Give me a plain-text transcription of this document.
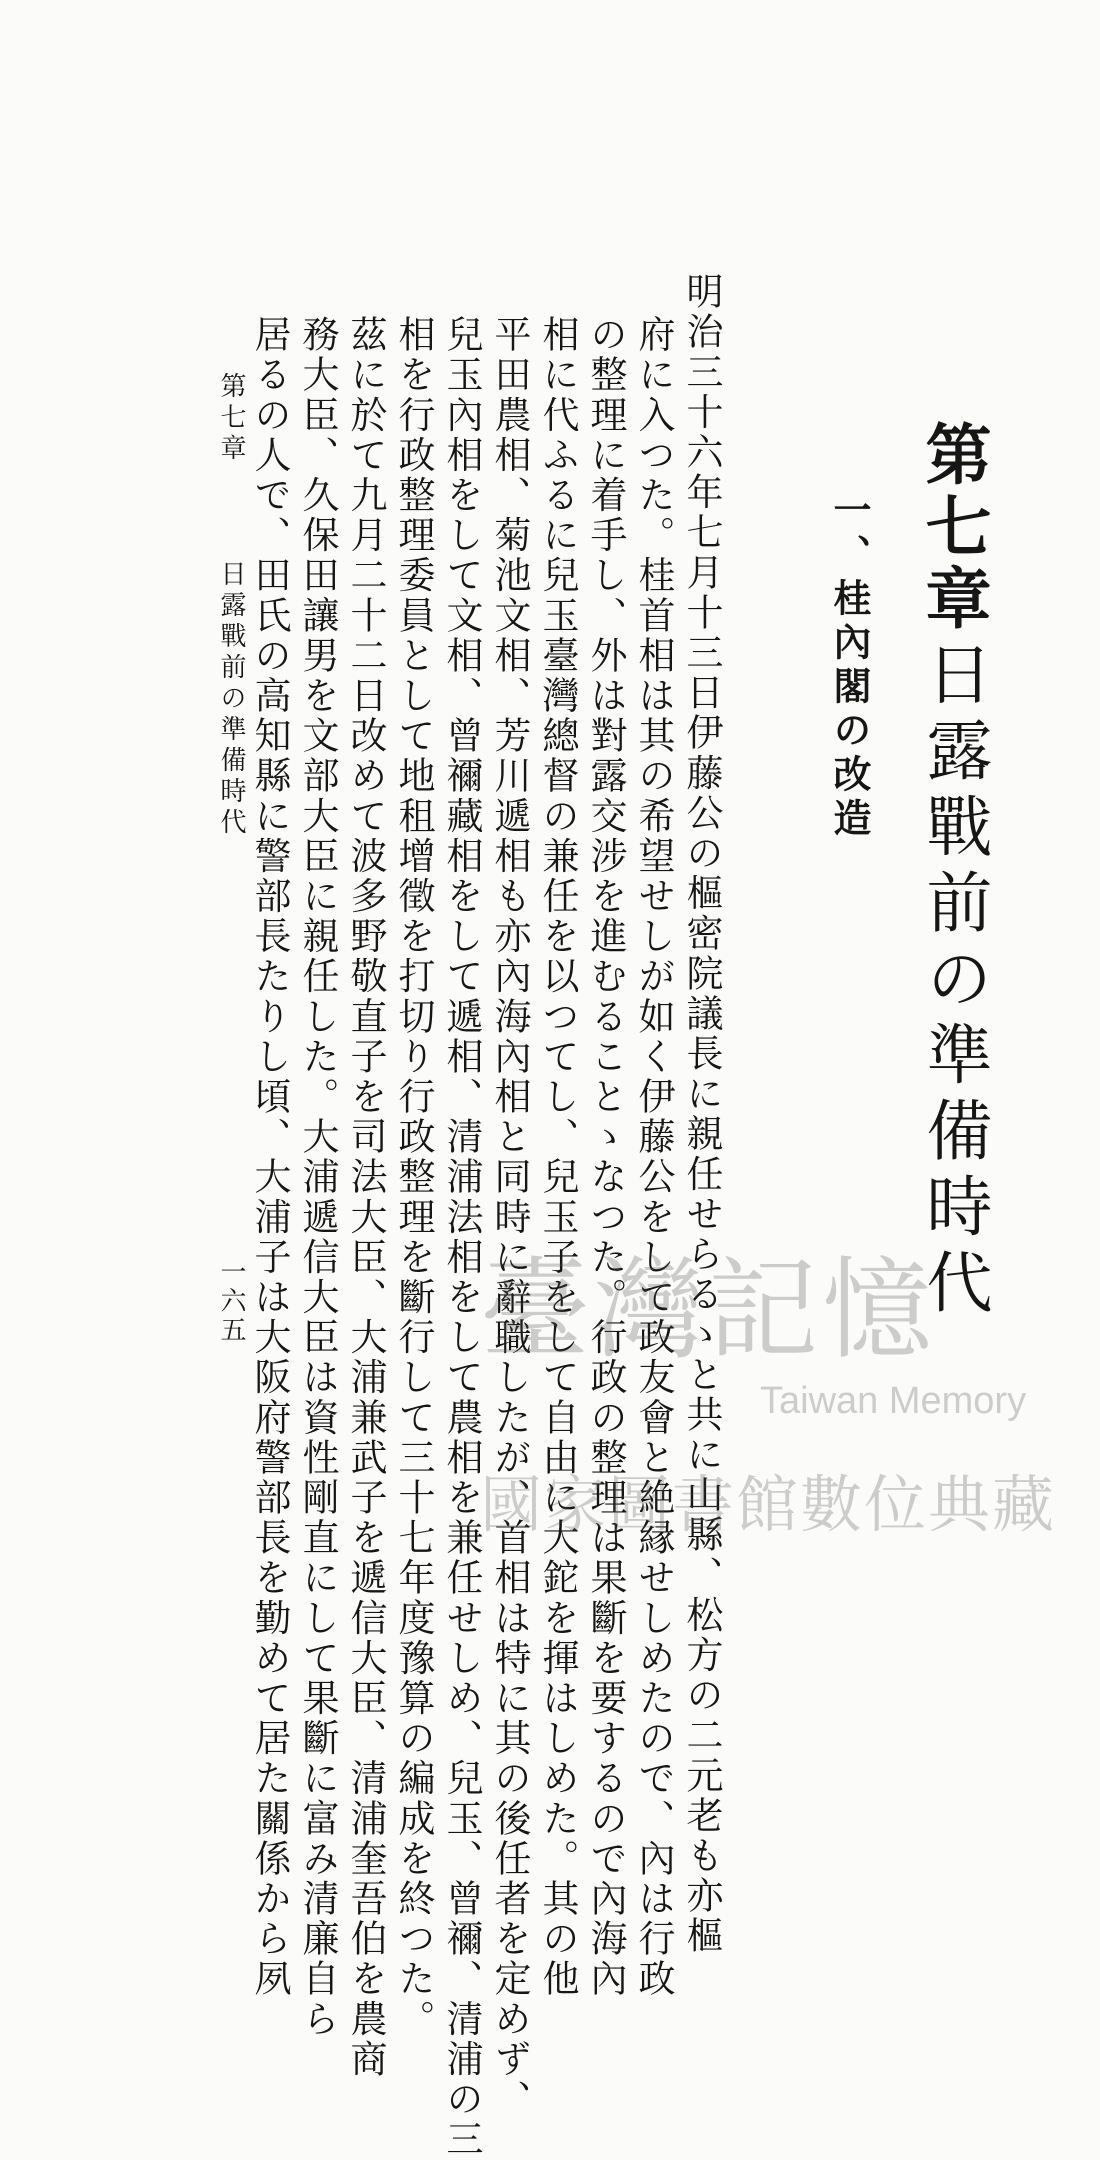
第七章
日露戰前の準備時代
一、桂內閣の改造
明治三十六年七月十三日伊藤公の樞密院議長に親任せらるゝと共に山縣、松方の二元老も亦樞
府に入つた。桂首相は其の希望せしが如く伊藤公をして政友會と絶縁せしめたので、內は行政
の整理に着手し、外は對露交涉を進むることゝなつた。行政の整理は果斷を要するので內海內
相に代ふるに兒玉臺灣總督の兼任を以つてし、兒玉子をして自由に大鉈を揮はしめた。其の他
平田農相、菊池文相、芳川遞相も亦內海內相と同時に辭職したが、首相は特に其の後任者を定めず、
兒玉內相をして文相、曾禰藏相をして遞相、清浦法相をして農相を兼任せしめ、兒玉、曾禰、清浦の三
相を行政整理委員として地租增徵を打切り行政整理を斷行して三十七年度豫算の編成を終つた。
茲に於て九月二十二日改めて波多野敬直子を司法大臣、大浦兼武子を遞信大臣、清浦奎吾伯を農商
務大臣、久保田讓男を文部大臣に親任した。大浦遞信大臣は資性剛直にして果斷に富み清廉自ら
居るの人で、田氏の高知縣に警部長たりし頃、大浦子は大阪府警部長を勤めて居た關係から夙
第七章
日露戰前の準備時代
一六五 臺灣記憶
Taiwan Memory
國家圖書館數位典藏
